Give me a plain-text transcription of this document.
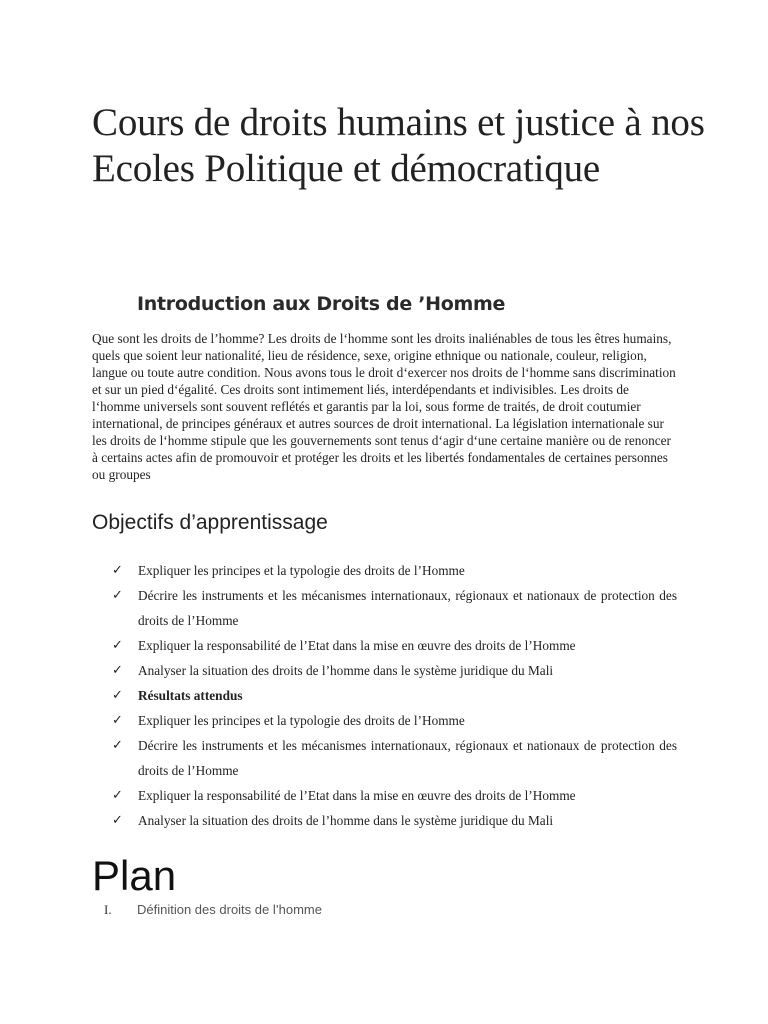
Cours de droits humains et justice à nos Ecoles Politique et démocratique
Introduction aux Droits de ’Homme

Que sont les droits de l’homme? Les droits de l‘homme sont les droits inaliénables de tous les êtres humains, quels que soient leur nationalité, lieu de résidence, sexe, origine ethnique ou nationale, couleur, religion, langue ou toute autre condition. Nous avons tous le droit d‘exercer nos droits de l‘homme sans discrimination et sur un pied d‘égalité. Ces droits sont intimement liés, interdépendants et indivisibles. Les droits de l‘homme universels sont souvent reflétés et garantis par la loi, sous forme de traités, de droit coutumier international, de principes généraux et autres sources de droit international. La législation internationale sur les droits de l‘homme stipule que les gouvernements sont tenus d‘agir d‘une certaine manière ou de renoncer à certains actes afin de promouvoir et protéger les droits et les libertés fondamentales de certaines personnes ou groupes

Objectifs d’apprentissage
✓ Expliquer les principes et la typologie des droits de l’Homme
✓ Décrire les instruments et les mécanismes internationaux, régionaux et nationaux de protection des droits de l’Homme
✓ Expliquer la responsabilité de l’Etat dans la mise en œuvre des droits de l’Homme
✓ Analyser la situation des droits de l’homme dans le système juridique du Mali
✓ Résultats attendus
✓ Expliquer les principes et la typologie des droits de l’Homme
✓ Décrire les instruments et les mécanismes internationaux, régionaux et nationaux de protection des droits de l’Homme
✓ Expliquer la responsabilité de l’Etat dans la mise en œuvre des droits de l’Homme
✓ Analyser la situation des droits de l’homme dans le système juridique du Mali
Plan
I. Définition des droits de l’homme
